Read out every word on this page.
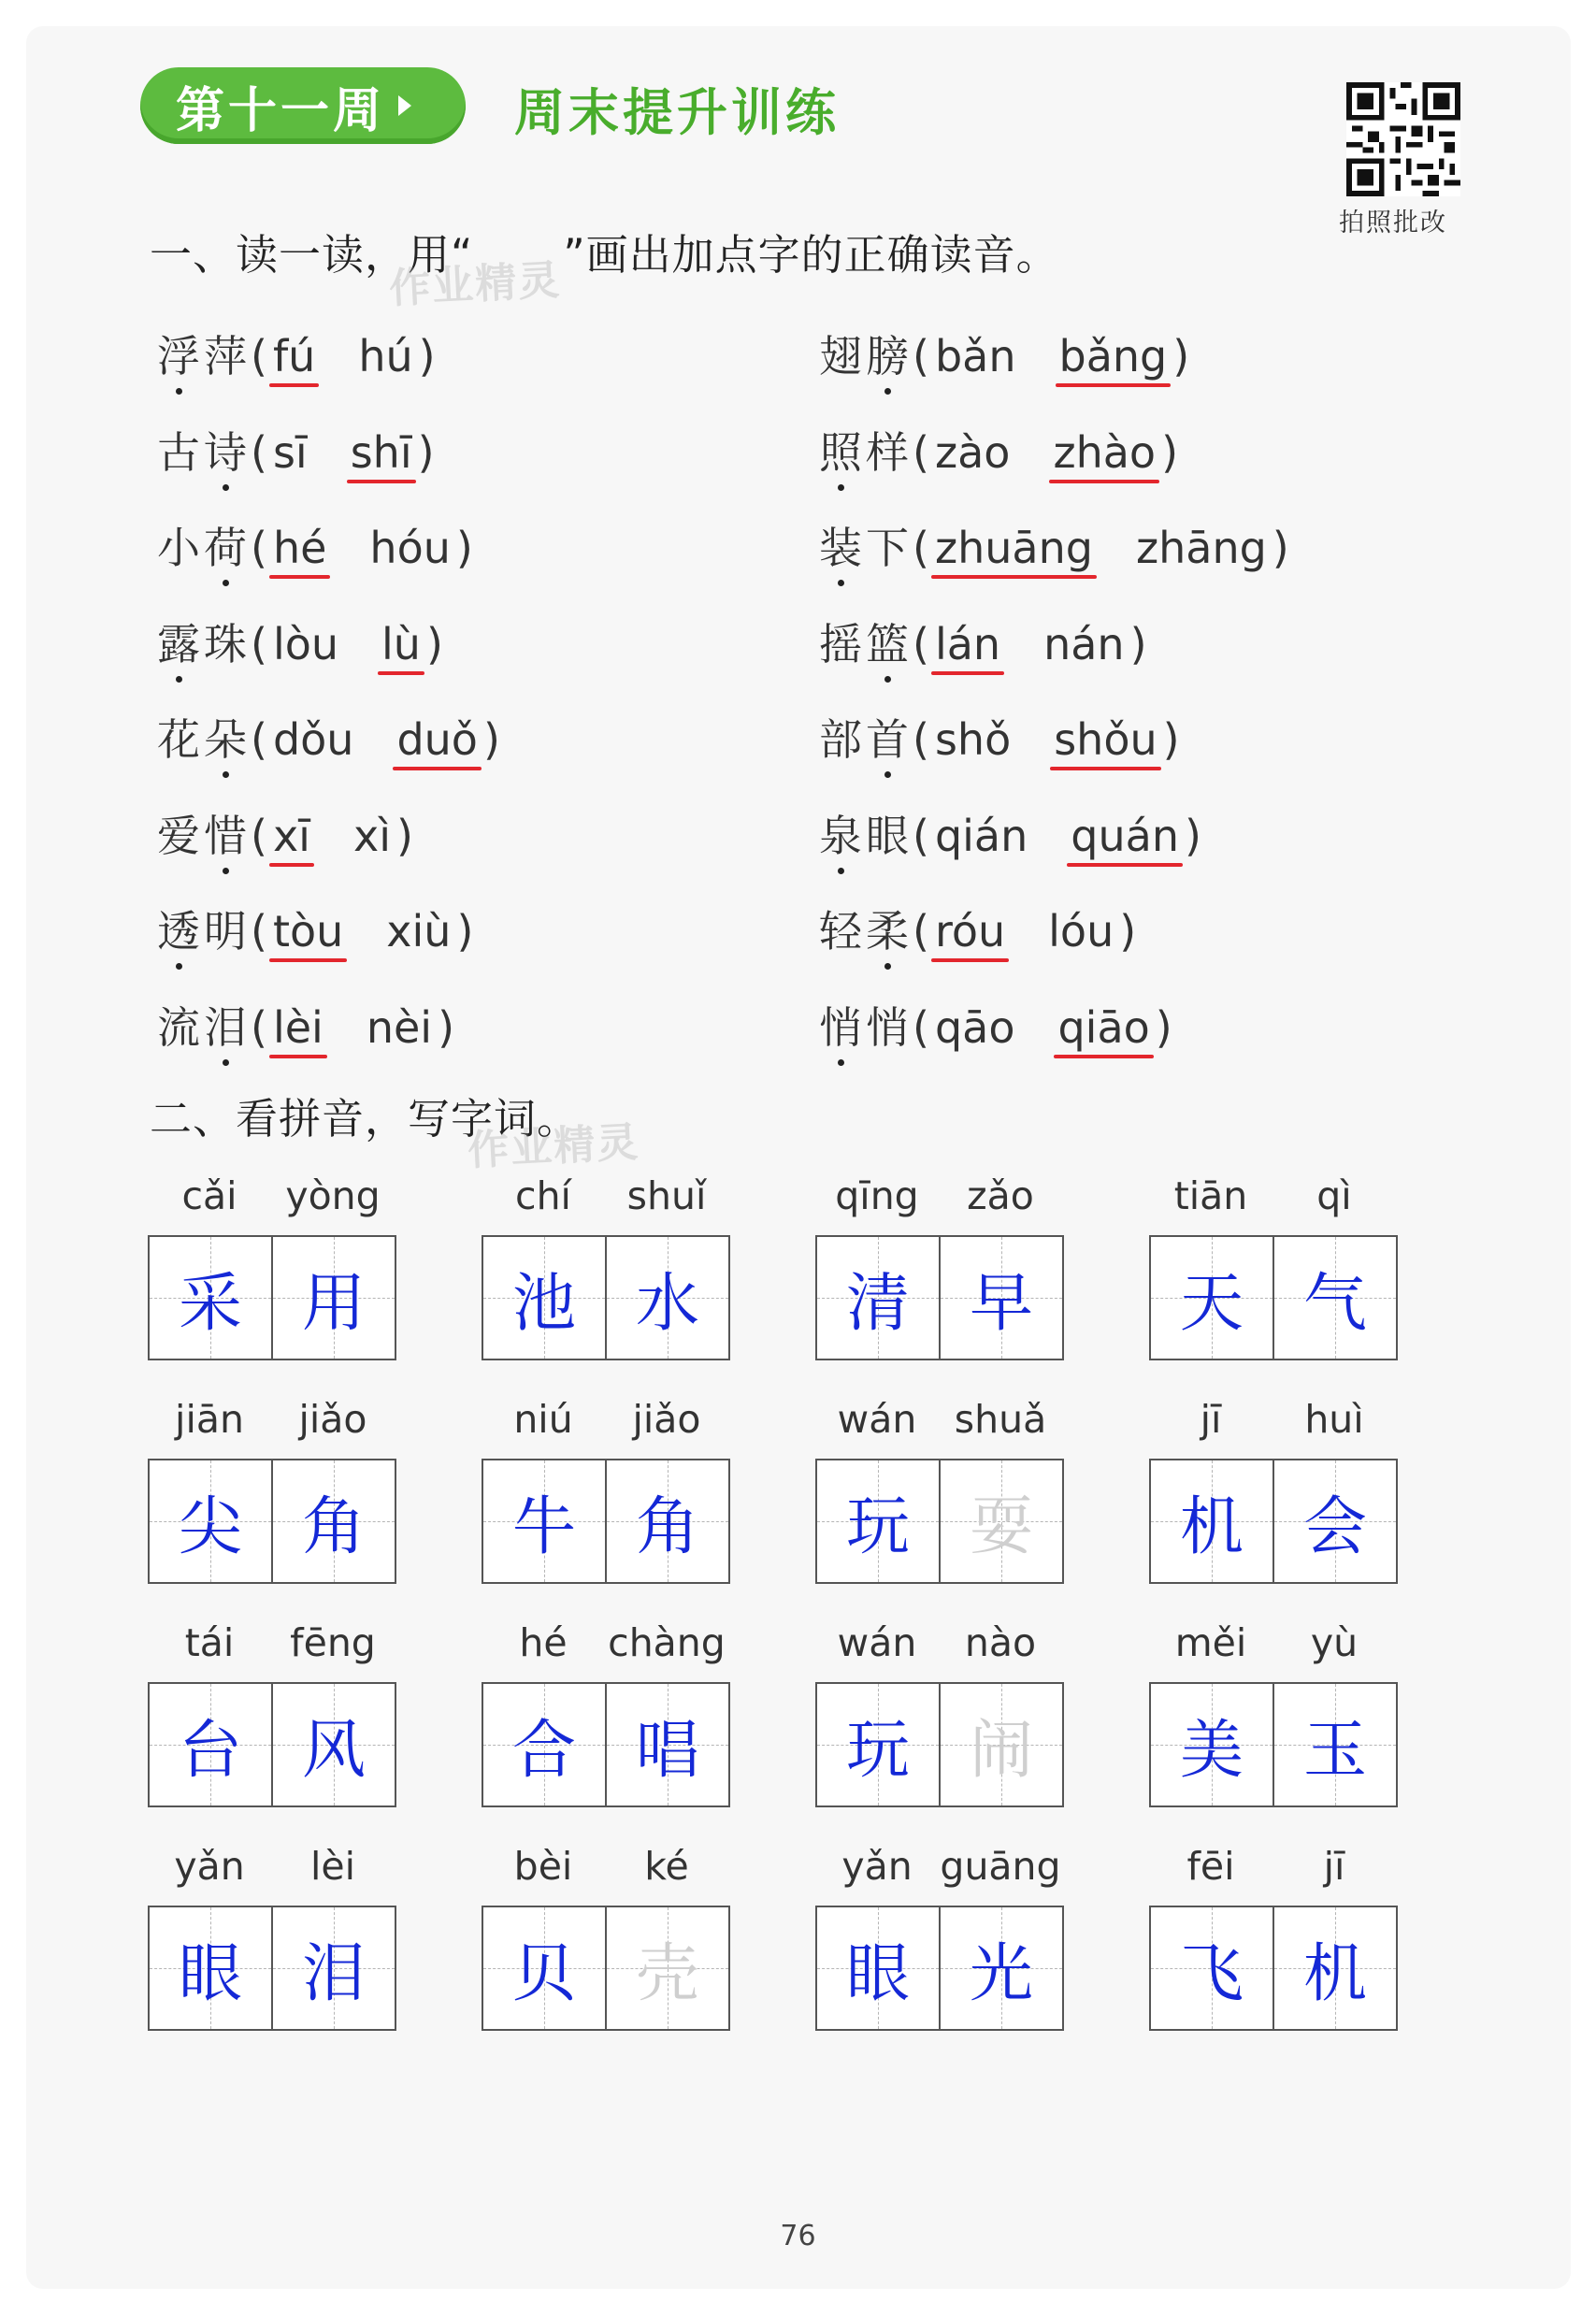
第十一周	周末提升训练
拍照批改
一、读一读，用“ ”画出加点字的正确读音。
作业精灵
浮萍
( fú hú )
古诗
( sī shī )
小荷
( hé hóu )
露珠
( lòu lù )
花朵
( dǒu duǒ )
爱惜
( xī xì )
透明
( tòu xiù )
流泪
( lèi nèi )
翅膀
( bǎn bǎng )
照样
( zào zhào )
装下
( zhuāng zhāng )
摇篮
( lán nán )
部首
( shǒ shǒu )
泉眼
( qián quán )
轻柔
( róu lóu )
悄悄
( qāo qiāo )
二、看拼音，写字词。
作业精灵
cǎi	yòng
采 用
chí	shuǐ
池 水
qīng	zǎo
清 早
tiān	qì
天 气
jiān	jiǎo
尖 角
niú	jiǎo
牛 角
wán shuǎ
玩 耍
jī	huì
机 会
tái	fēng
台 风
hé	chàng
合 唱
wán	nào
玩 闹
měi	yù
美 玉
yǎn	lèi
眼 泪
bèi	ké
贝 壳
yǎn guāng
眼 光
fēi	jī
飞 机
76
